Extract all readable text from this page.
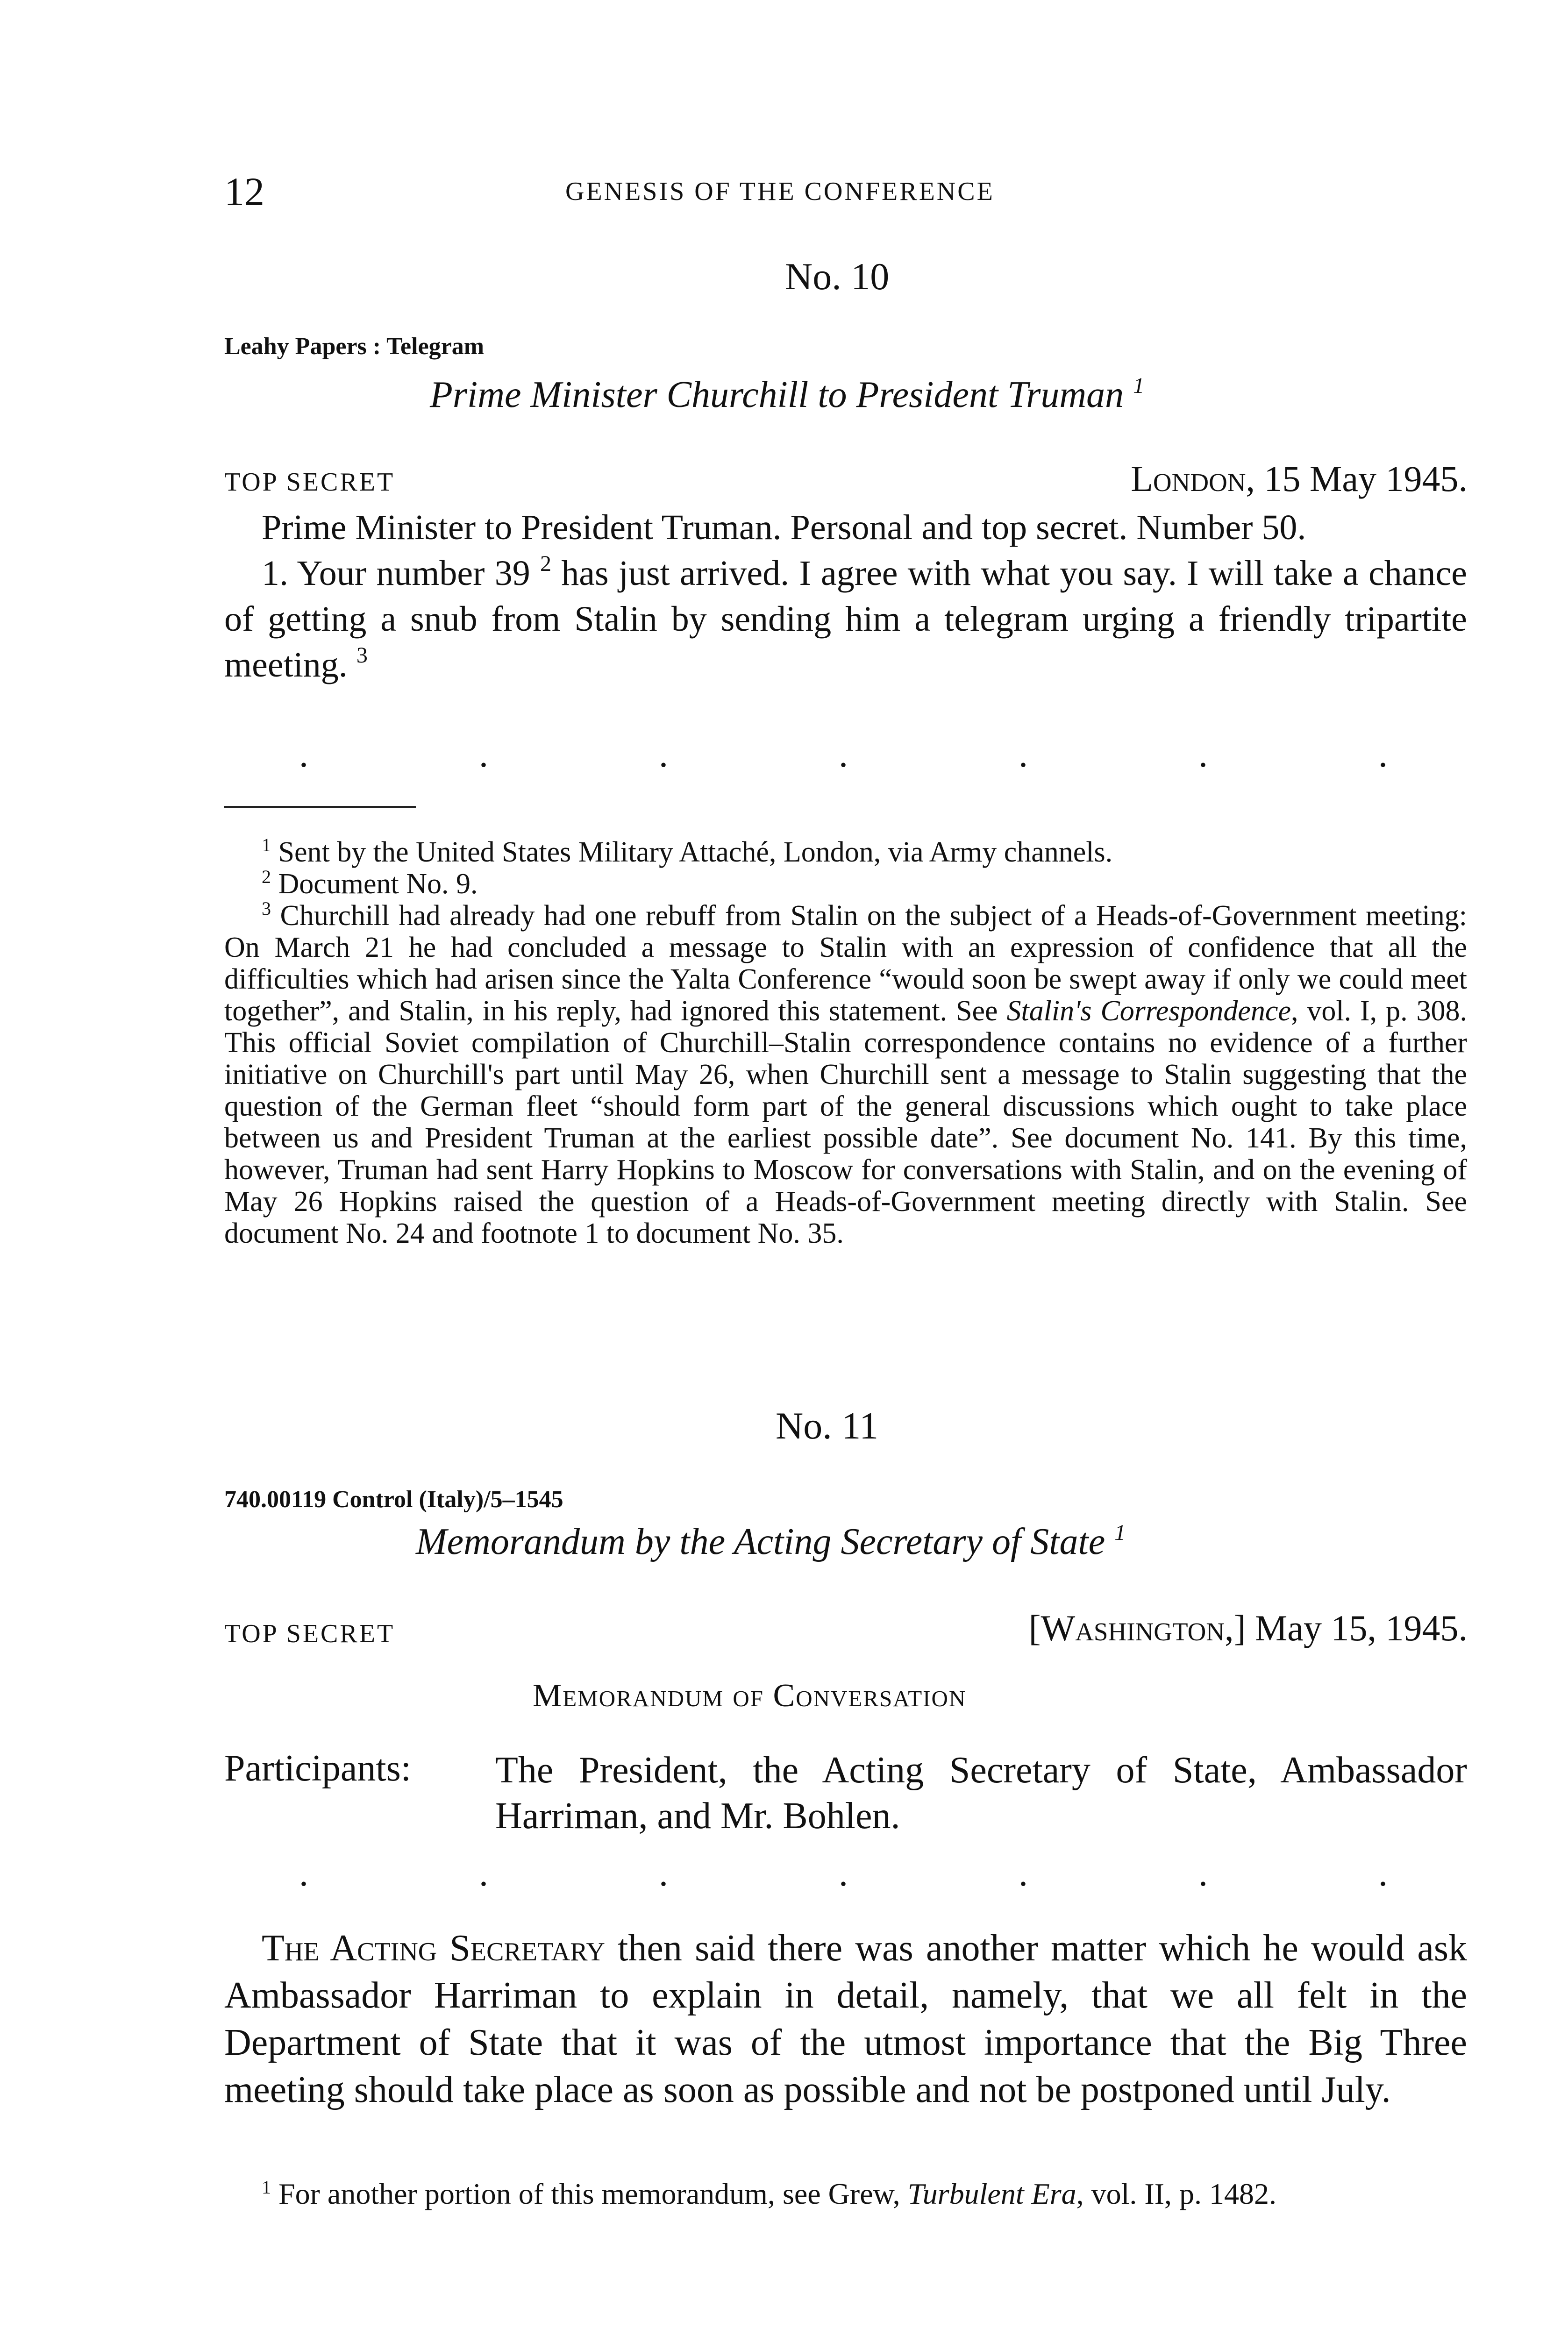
12	GENESIS OF THE CONFERENCE
No. 10
Leahy Papers : Telegram
Prime Minister Churchill to President Truman $^1$
TOP SECRET	London, 15 May 1945.
Prime Minister to President Truman. Personal and top secret. Number 50.
1. Your number 39 $^2$ has just arrived. I agree with what you say. I will take a chance of getting a snub from Stalin by sending him a telegram urging a friendly tripartite meeting. $^3$
.	.	.	.	.	.	.
$^1$ Sent by the United States Military Attaché, London, via Army channels.
$^2$ Document No. 9.
$^3$ Churchill had already had one rebuff from Stalin on the subject of a Heads-of-Government meeting: On March 21 he had concluded a message to Stalin with an expression of confidence that all the difficulties which had arisen since the Yalta Conference “would soon be swept away if only we could meet together”, and Stalin, in his reply, had ignored this statement. See Stalin's Correspondence, vol. I, p. 308. This official Soviet compilation of Churchill–Stalin correspondence contains no evidence of a further initiative on Churchill's part until May 26, when Churchill sent a message to Stalin suggesting that the question of the German fleet “should form part of the general discussions which ought to take place between us and President Truman at the earliest possible date”. See document No. 141. By this time, however, Truman had sent Harry Hopkins to Moscow for conversations with Stalin, and on the evening of May 26 Hopkins raised the question of a Heads-of-Government meeting directly with Stalin. See document No. 24 and footnote 1 to document No. 35.
No. 11
740.00119 Control (Italy)/5–1545
Memorandum by the Acting Secretary of State $^1$
TOP SECRET	[Washington,] May 15, 1945.
Memorandum of Conversation
Participants: The President, the Acting Secretary of State, Ambassador Harriman, and Mr. Bohlen.
.	.	.	.	.	.	.
The Acting Secretary then said there was another matter which he would ask Ambassador Harriman to explain in detail, namely, that we all felt in the Department of State that it was of the utmost importance that the Big Three meeting should take place as soon as possible and not be postponed until July.
$^1$ For another portion of this memorandum, see Grew, Turbulent Era, vol. II, p. 1482.
